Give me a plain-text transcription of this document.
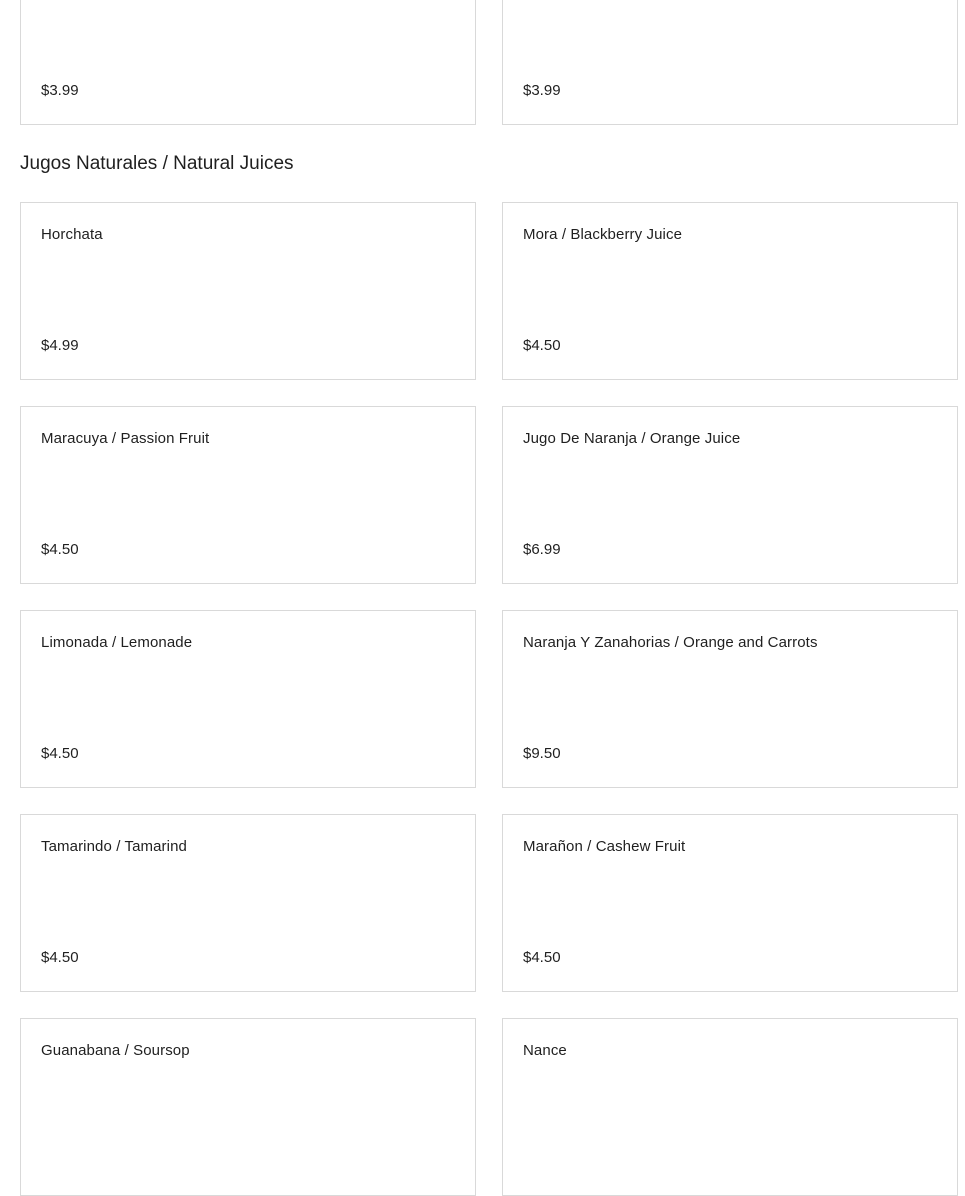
$3.99	$3.99
Jugos Naturales / Natural Juices
Horchata
$4.99
Mora / Blackberry Juice
$4.50
Maracuya / Passion Fruit
$4.50
Jugo De Naranja / Orange Juice
$6.99
Limonada / Lemonade
$4.50
Naranja Y Zanahorias / Orange and Carrots
$9.50
Tamarindo / Tamarind
$4.50
Marañon / Cashew Fruit
$4.50
Guanabana / Soursop	Nance
